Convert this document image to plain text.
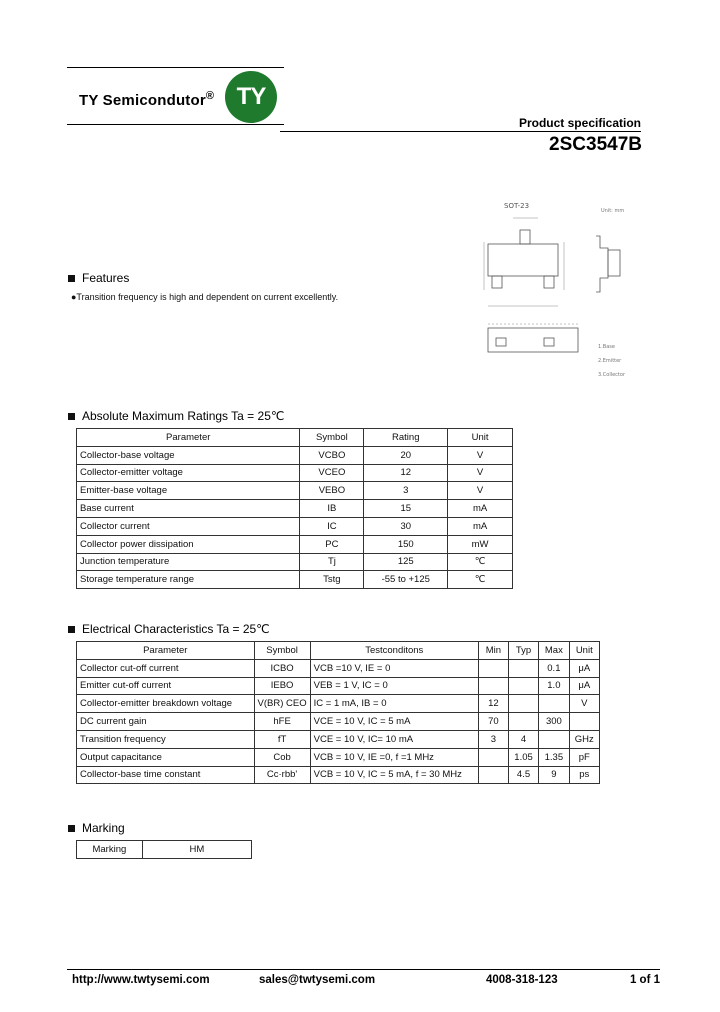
TY Semicondutor® TY
Product specification
2SC3547B
SOT-23
Unit: mm
1.Base
2.Emitter
3.Collector
Features
●Transition frequency is high and dependent on current excellently.
Absolute Maximum Ratings Ta = 25℃
Parameter	Symbol	Rating	Unit
Collector-base voltage	VCBO	20	V
Collector-emitter voltage	VCEO	12	V
Emitter-base voltage	VEBO	3	V
Base current	IB	15	mA
Collector current	IC	30	mA
Collector power dissipation	PC	150	mW
Junction temperature	Tj	125	℃
Storage temperature range	Tstg	-55 to +125	℃
Electrical Characteristics Ta = 25℃
Parameter	Symbol	Testconditons	Min	Typ	Max	Unit
Collector cut-off current	ICBO	VCB =10 V, IE = 0			0.1	μA
Emitter cut-off current	IEBO	VEB = 1 V, IC = 0			1.0	μA
Collector-emitter breakdown voltage	V(BR) CEO	IC = 1 mA, IB = 0	12			V
DC current gain	hFE	VCE = 10 V, IC = 5 mA	70		300	
Transition frequency	fT	VCE = 10 V, IC= 10 mA	3	4		GHz
Output capacitance	Cob	VCB = 10 V, IE =0, f =1 MHz		1.05	1.35	pF
Collector-base time constant	Cc·rbb'	VCB = 10 V, IC = 5 mA, f = 30 MHz		4.5	9	ps
Marking
Marking	HM
http://www.twtysemi.com	sales@twtysemi.com	4008-318-123	1 of 1
